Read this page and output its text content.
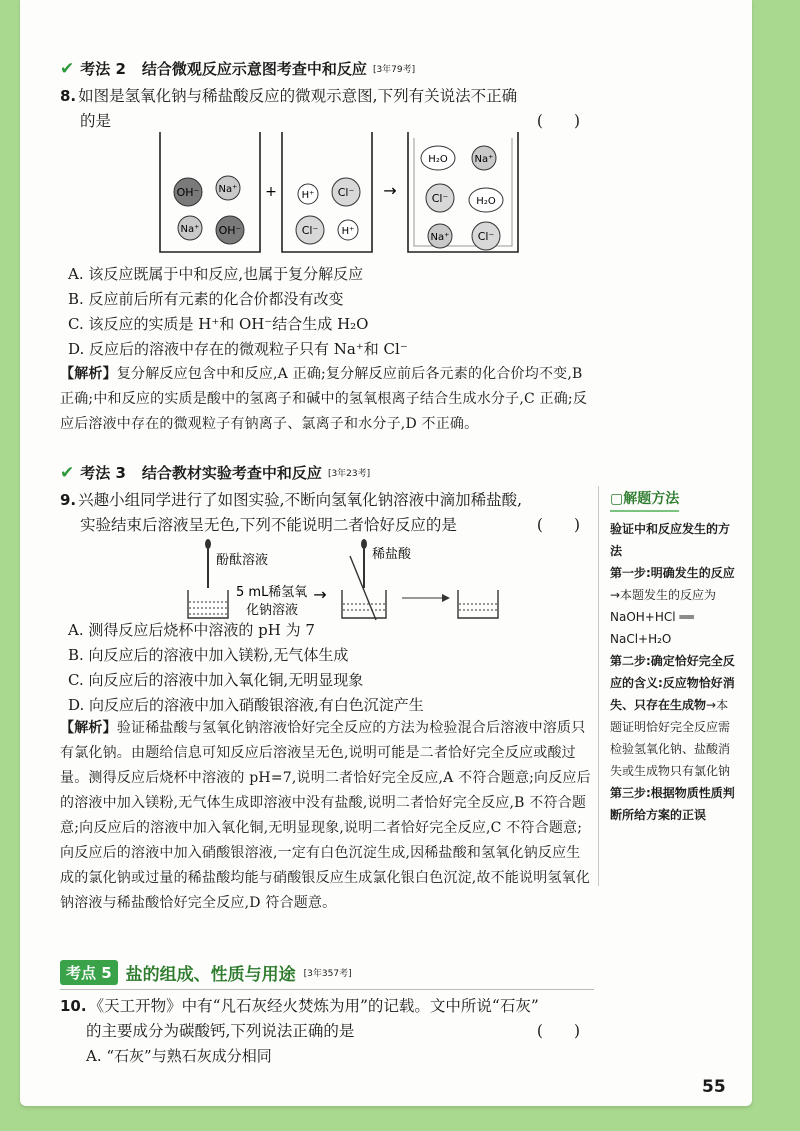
✔ 考法 2 结合微观反应示意图考查中和反应 [3年79考]
8. 如图是氢氧化钠与稀盐酸反应的微观示意图,下列有关说法不正确
的是	(　　)
OH⁻ Na⁺
Na⁺ OH⁻
+ H⁺ Cl⁻
Cl⁻ H⁺
→
H₂O	Na⁺
Cl⁻	H₂O
Na⁺	Cl⁻
A. 该反应既属于中和反应,也属于复分解反应
B. 反应前后所有元素的化合价都没有改变
C. 该反应的实质是 H⁺和 OH⁻结合生成 H₂O
D. 反应后的溶液中存在的微观粒子只有 Na⁺和 Cl⁻
【解析】复分解反应包含中和反应,A 正确;复分解反应前后各元素的化合价均不变,B 正确;中和反应的实质是酸中的氢离子和碱中的氢氧根离子结合生成水分子,C 正确;反应后溶液中存在的微观粒子有钠离子、氯离子和水分子,D 不正确。
✔ 考法 3 结合教材实验考查中和反应 [3年23考]
9. 兴趣小组同学进行了如图实验,不断向氢氧化钠溶液中滴加稀盐酸,
实验结束后溶液呈无色,下列不能说明二者恰好反应的是	(　　)
酚酞溶液
5 mL稀氢氧
化钠溶液
→
稀盐酸
A. 测得反应后烧杯中溶液的 pH 为 7
B. 向反应后的溶液中加入镁粉,无气体生成
C. 向反应后的溶液中加入氧化铜,无明显现象
D. 向反应后的溶液中加入硝酸银溶液,有白色沉淀产生
【解析】验证稀盐酸与氢氧化钠溶液恰好完全反应的方法为检验混合后溶液中溶质只有氯化钠。由题给信息可知反应后溶液呈无色,说明可能是二者恰好完全反应或酸过量。测得反应后烧杯中溶液的 pH=7,说明二者恰好完全反应,A 不符合题意;向反应后的溶液中加入镁粉,无气体生成即溶液中没有盐酸,说明二者恰好完全反应,B 不符合题意;向反应后的溶液中加入氧化铜,无明显现象,说明二者恰好完全反应,C 不符合题意;向反应后的溶液中加入硝酸银溶液,一定有白色沉淀生成,因稀盐酸和氢氧化钠反应生成的氯化钠或过量的稀盐酸均能与硝酸银反应生成氯化银白色沉淀,故不能说明氢氧化钠溶液与稀盐酸恰好完全反应,D 符合题意。
▢解题方法
验证中和反应发生的方法
第一步:明确发生的反应→本题发生的反应为 NaOH+HCl ══ NaCl+H₂O
第二步:确定恰好完全反应的含义:反应物恰好消失、只存在生成物→本题证明恰好完全反应需检验氢氧化钠、盐酸消失或生成物只有氯化钠
第三步:根据物质性质判断所给方案的正误
考点 5 盐的组成、性质与用途 [3年357考]
10. 《天工开物》中有“凡石灰经火焚炼为用”的记载。文中所说“石灰”
的主要成分为碳酸钙,下列说法正确的是	(　　)
A. “石灰”与熟石灰成分相同
55
